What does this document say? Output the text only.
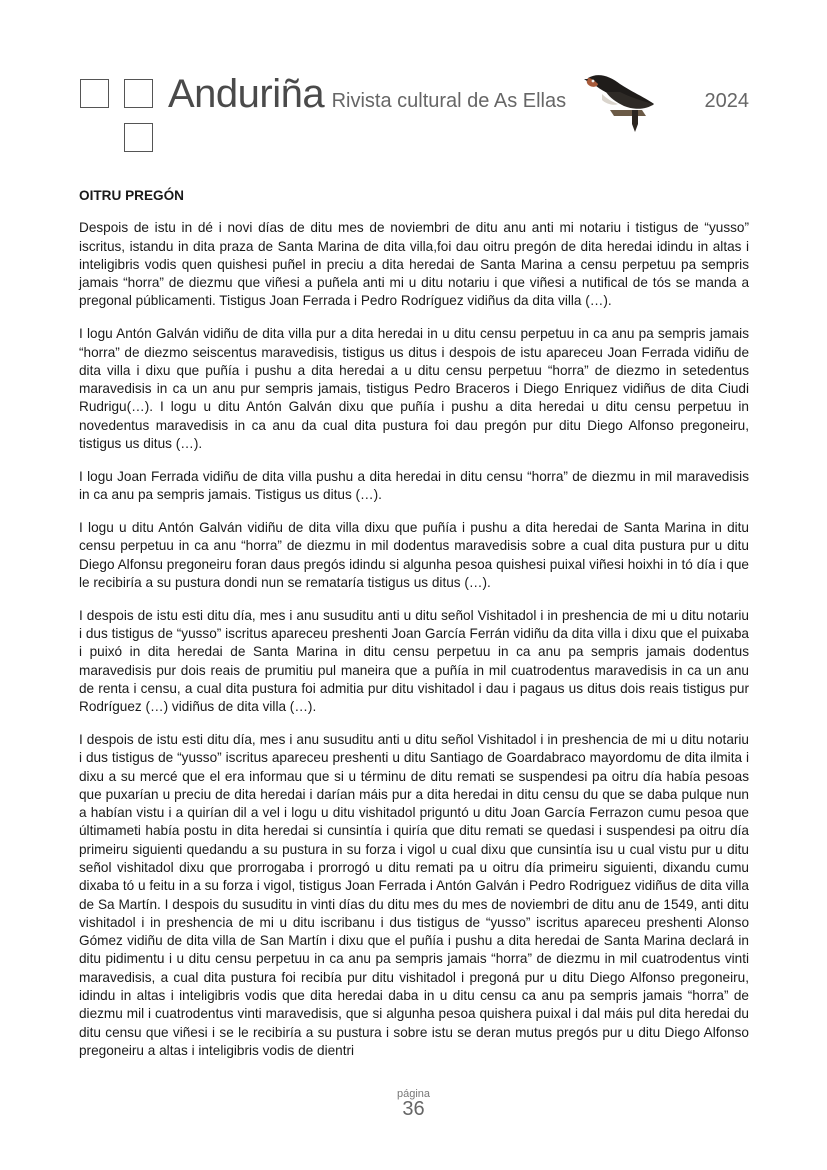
Anduriña Rivista cultural de As Ellas	2024
OITRU PREGÓN

Despois de istu in dé i novi días de ditu mes de noviembri de ditu anu anti mi notariu i tistigus de “yusso” iscritus, istandu in dita praza de Santa Marina de dita villa,foi dau oitru pregón de dita heredai idindu in altas i inteligibris vodis quen quishesi puñel in preciu a dita heredai de Santa Marina a censu perpetuu pa sempris jamais “horra” de diezmu que viñesi a puñela anti mi u ditu notariu i que viñesi a nutifical de tós se manda a pregonal públicamenti. Tistigus Joan Ferrada i Pedro Rodríguez vidiñus da dita villa (…).

I logu Antón Galván vidiñu de dita villa pur a dita heredai in u ditu censu perpetuu in ca anu pa sempris jamais “horra” de diezmo seiscentus maravedisis, tistigus us ditus i despois de istu apareceu Joan Ferrada vidiñu de dita villa i dixu que puñía i pushu a dita heredai a u ditu censu perpetuu “horra” de diezmo in setedentus maravedisis in ca un anu pur sempris jamais, tistigus Pedro Braceros i Diego Enriquez vidiñus de dita Ciudi Rudrigu(…). I logu u ditu Antón Galván dixu que puñía i pushu a dita heredai u ditu censu perpetuu in novedentus maravedisis in ca anu da cual dita pustura foi dau pregón pur ditu Diego Alfonso pregoneiru, tistigus us ditus (…).

I logu Joan Ferrada vidiñu de dita villa pushu a dita heredai in ditu censu “horra” de diezmu in mil maravedisis in ca anu pa sempris jamais. Tistigus us ditus (…).

I logu u ditu Antón Galván vidiñu de dita villa dixu que puñía i pushu a dita heredai de Santa Marina in ditu censu perpetuu in ca anu “horra” de diezmu in mil dodentus maravedisis sobre a cual dita pustura pur u ditu Diego Alfonsu pregoneiru foran daus pregós idindu si algunha pesoa quishesi puixal viñesi hoixhi in tó día i que le recibiría a su pustura dondi nun se remataría tistigus us ditus (…).

I despois de istu esti ditu día, mes i anu susuditu anti u ditu señol Vishitadol i in preshencia de mi u ditu notariu i dus tistigus de “yusso” iscritus apareceu preshenti Joan García Ferrán vidiñu da dita villa i dixu que el puixaba i puixó in dita heredai de Santa Marina in ditu censu perpetuu in ca anu pa sempris jamais dodentus maravedisis pur dois reais de prumitiu pul maneira que a puñía in mil cuatrodentus maravedisis in ca un anu de renta i censu, a cual dita pustura foi admitia pur ditu vishitadol i dau i pagaus us ditus dois reais tistigus pur Rodríguez (…) vidiñus de dita villa (…).

I despois de istu esti ditu día, mes i anu susuditu anti u ditu señol Vishitadol i in preshencia de mi u ditu notariu i dus tistigus de “yusso” iscritus apareceu preshenti u ditu Santiago de Goardabraco mayordomu de dita ilmita i dixu a su mercé que el era informau que si u términu de ditu remati se suspendesi pa oitru día había pesoas que puxarían u preciu de dita heredai i darían máis pur a dita heredai in ditu censu du que se daba pulque nun a habían vistu i a quirían dil a vel i logu u ditu vishitadol priguntó u ditu Joan García Ferrazon cumu pesoa que últimameti había postu in dita heredai si cunsintía i quiría que ditu remati se quedasi i suspendesi pa oitru día primeiru siguienti quedandu a su pustura in su forza i vigol u cual dixu que cunsintía isu u cual vistu pur u ditu señol vishitadol dixu que prorrogaba i prorrogó u ditu remati pa u oitru día primeiru siguienti, dixandu cumu dixaba tó u feitu in a su forza i vigol, tistigus Joan Ferrada i Antón Galván i Pedro Rodriguez vidiñus de dita villa de Sa Martín. I despois du susuditu in vinti días du ditu mes du mes de noviembri de ditu anu de 1549, anti ditu vishitadol i in preshencia de mi u ditu iscribanu i dus tistigus de “yusso” iscritus apareceu preshenti Alonso Gómez vidiñu de dita villa de San Martín i dixu que el puñía i pushu a dita heredai de Santa Marina declará in ditu pidimentu i u ditu censu perpetuu in ca anu pa sempris jamais “horra” de diezmu in mil cuatrodentus vinti maravedisis, a cual dita pustura foi recibía pur ditu vishitadol i pregoná pur u ditu Diego Alfonso pregoneiru, idindu in altas i inteligibris vodis que dita heredai daba in u ditu censu ca anu pa sempris jamais “horra” de diezmu mil i cuatrodentus vinti maravedisis, que si algunha pesoa quishera puixal i dal máis pul dita heredai du ditu censu que viñesi i se le recibiría a su pustura i sobre istu se deran mutus pregós pur u ditu Diego Alfonso pregoneiru a altas i inteligibris vodis de dientri

página
36
